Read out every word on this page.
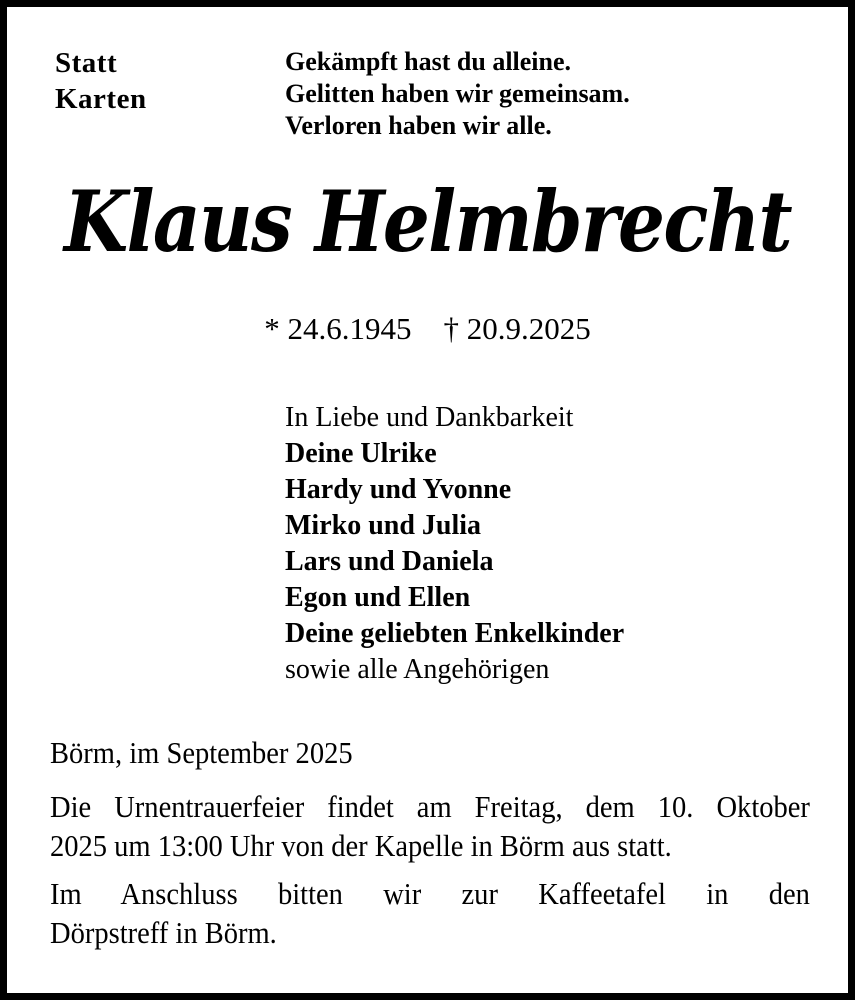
Statt
Karten
Gekämpft hast du alleine.
Gelitten haben wir gemeinsam.
Verloren haben wir alle.
Klaus Helmbrecht
* 24.6.1945 † 20.9.2025
In Liebe und Dankbarkeit
Deine Ulrike
Hardy und Yvonne
Mirko und Julia
Lars und Daniela
Egon und Ellen
Deine geliebten Enkelkinder
sowie alle Angehörigen
Börm, im September 2025
Die Urnentrauerfeier findet am Freitag, dem 10. Oktober
2025 um 13:00 Uhr von der Kapelle in Börm aus statt.
Im Anschluss bitten wir zur Kaffeetafel in den
Dörpstreff in Börm.
